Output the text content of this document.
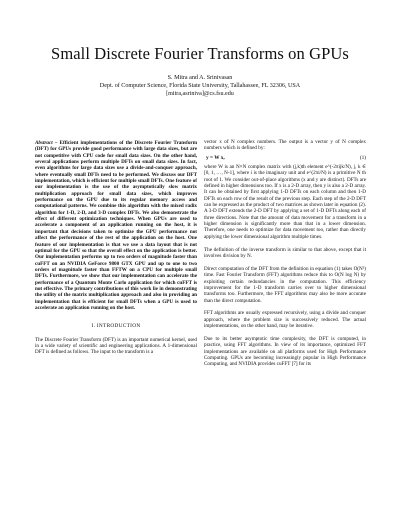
Small Discrete Fourier Transforms on GPUs
S. Mitra and A. Srinivasan
Dept. of Computer Science, Florida State University, Tallahassee, FL 32306, USA
[mitra,asriniva]@cs.fsu.edu

Abstract – Efficient implementations of the Discrete Fourier Transform (DFT) for GPUs provide good performance with large data sizes, but are not competitive with CPU code for small data sizes. On the other hand, several applications perform multiple DFTs on small data sizes. In fact, even algorithms for large data sizes use a divide-and-conquer approach, where eventually small DFTs need to be performed. We discuss our DFT implementation, which is efficient for multiple small DFTs. One feature of our implementation is the use of the asymptotically slow matrix multiplication approach for small data sizes, which improves performance on the GPU due to its regular memory access and computational patterns. We combine this algorithm with the mixed radix algorithm for 1-D, 2-D, and 3-D complex DFTs. We also demonstrate the effect of different optimization techniques. When GPUs are used to accelerate a component of an application running on the host, it is important that decisions taken to optimize the GPU performance not affect the performance of the rest of the application on the host. One feature of our implementation is that we use a data layout that is not optimal for the GPU so that the overall effect on the application is better. Our implementation performs up to two orders of magnitude faster than cuFFT on an NVIDIA GeForce 9800 GTX GPU and up to one to two orders of magnitude faster than FFTW on a CPU for multiple small DFTs. Furthermore, we show that our implementation can accelerate the performance of a Quantum Monte Carlo application for which cuFFT is not effective. The primary contributions of this work lie in demonstrating the utility of the matrix multiplication approach and also in providing an implementation that is efficient for small DFTs when a GPU is used to accelerate an application running on the host.

I. INTRODUCTION

The Discrete Fourier Transform (DFT) is an important numerical kernel, used in a wide variety of scientific and engineering applications. A 1-dimensional DFT is defined as follows. The input to the transform is a

vector x of N complex numbers. The output is a vector y of N complex numbers which is defined by:

y = W x,	(1)

where W is an N×N complex matrix with (j,k)th element e^(-2πijk/N), j, k ∈ [0, 1, …, N-1], where i is the imaginary unit and e^(2πi/N) is a primitive N th root of 1. We consider out-of-place algorithms (x and y are distinct). DFTs are defined in higher dimensions too. If x is a 2-D array, then y is also a 2-D array. It can be obtained by first applying 1-D DFTs on each column and then 1-D DFTs on each row of the result of the previous step. Each step of the 2-D DFT can be expressed as the product of two matrices as shown later in equation (2). A 3-D DFT extends the 2-D DFT by applying a set of 1-D DFTs along each of three directions. Note that the amount of data movement for a transform in a higher dimension is significantly more than that in a lower dimension. Therefore, one needs to optimize for data movement too, rather than directly applying the lower dimensional algorithm multiple times.

The definition of the inverse transform is similar to that above, except that it involves division by N.

Direct computation of the DFT from the definition in equation (1) takes O(N²) time. Fast Fourier Transform (FFT) algorithms reduce this to O(N log N) by exploiting certain redundancies in the computation. This efficiency improvement for the 1-D transform carries over to higher dimensional transforms too. Furthermore, the FFT algorithms may also be more accurate than the direct computation.

FFT algorithms are usually expressed recursively, using a divide and conquer approach, where the problem size is successively reduced. The actual implementations, on the other hand, may be iterative.

Due to its better asymptotic time complexity, the DFT is computed, in practice, using FFT algorithms. In view of its importance, optimized FFT implementations are available on all platforms used for High Performance Computing. GPUs are becoming increasingly popular in High Performance Computing, and NVIDIA provides cuFFT [7] for its
